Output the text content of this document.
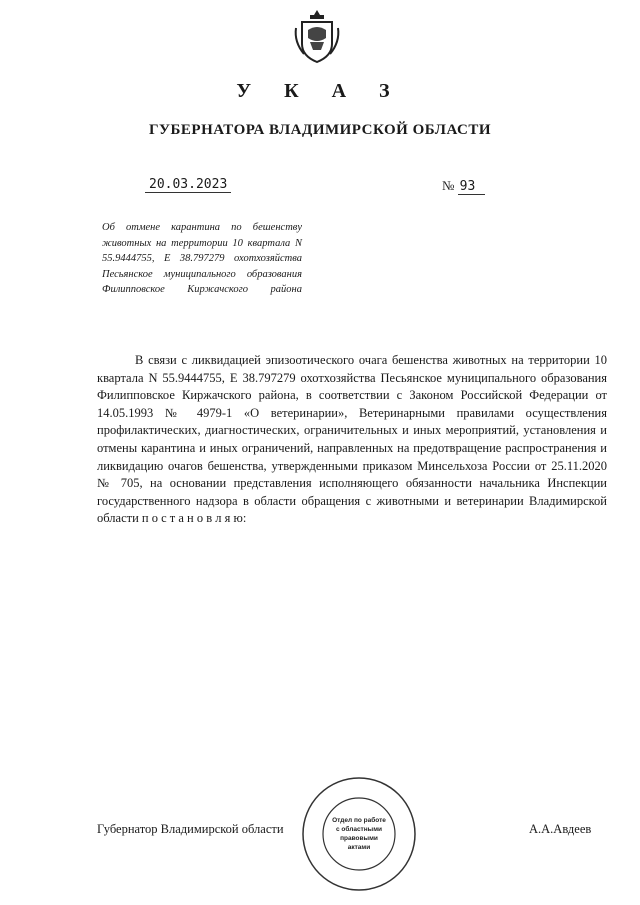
У К А З
ГУБЕРНАТОРА ВЛАДИМИРСКОЙ ОБЛАСТИ
20.03.2023	№ 93
Об отмене карантина по бешенству животных на территории 10 квартала N 55.9444755, E 38.797279 охотхозяйства Песьянское муниципального образования Филипповское Киржачского района

В связи с ликвидацией эпизоотического очага бешенства животных на территории 10 квартала N 55.9444755, E 38.797279 охотхозяйства Песьянское муниципального образования Филипповское Киржачского района, в соответствии с Законом Российской Федерации от 14.05.1993 № 4979-1 «О ветеринарии», Ветеринарными правилами осуществления профилактических, диагностических, ограничительных и иных мероприятий, установления и отмены карантина и иных ограничений, направленных на предотвращение распространения и ликвидацию очагов бешенства, утвержденными приказом Минсельхоза России от 25.11.2020 № 705, на основании представления исполняющего обязанности начальника Инспекции государственного надзора в области обращения с животными и ветеринарии Владимирской области п о с т а н о в л я ю:

Губернатор Владимирской области	А.А.Авдеев
Отдел по работе
с областными
правовыми
актами
